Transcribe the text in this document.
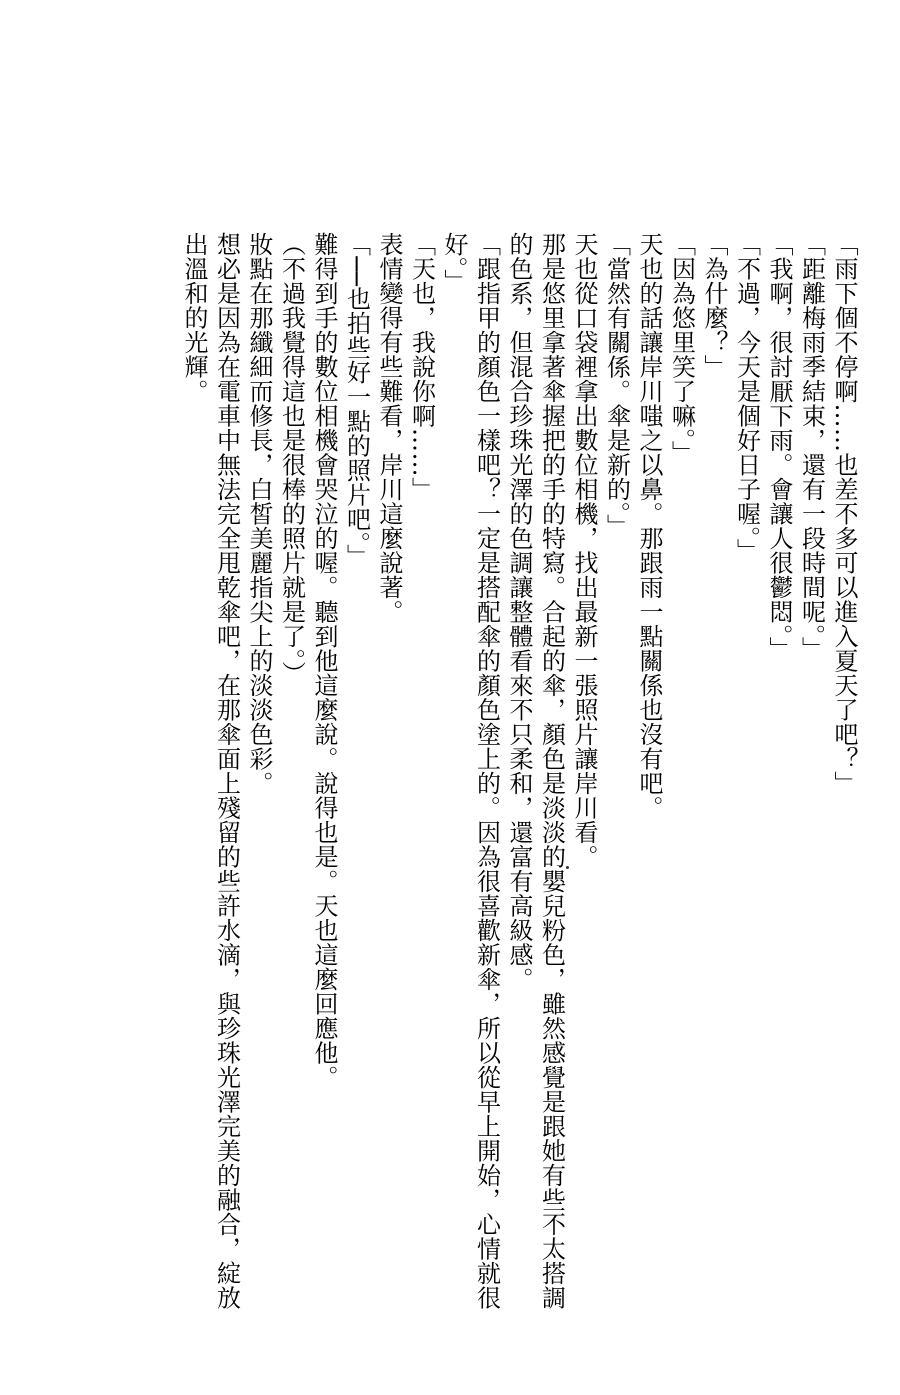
「雨下個不停啊……也差不多可以進入夏天了吧？」
「距離梅雨季結束，還有一段時間呢。」
「我啊，很討厭下雨。會讓人很鬱悶。」
「不過，今天是個好日子喔。」
「為什麼？」
「因為悠里笑了嘛。」
天也的話讓岸川嗤之以鼻。那跟雨一點關係也沒有吧。
「當然有關係。傘是新的。」
天也從口袋裡拿出數位相機，找出最新一張照片讓岸川看。
那是悠里拿著傘握把的手的特寫。合起的傘，顏色是淡淡的嬰兒粉色，雖然感覺是跟她有些不太搭調
的色系，但混合珍珠光澤的色調讓整體看來不只柔和，還富有高級感。
「跟指甲的顏色一樣吧？一定是搭配傘的顏色塗上的。因為很喜歡新傘，所以從早上開始，心情就很
好。」
「天也，我說你啊……」
表情變得有些難看，岸川這麼說著。
「──也拍些好一點的照片吧。」
難得到手的數位相機會哭泣的喔。聽到他這麼說。說得也是。天也這麼回應他。
（不過我覺得這也是很棒的照片就是了。）
妝點在那纖細而修長，白皙美麗指尖上的淡淡色彩。
想必是因為在電車中無法完全甩乾傘吧，在那傘面上殘留的些許水滴，與珍珠光澤完美的融合，綻放
出溫和的光輝。
